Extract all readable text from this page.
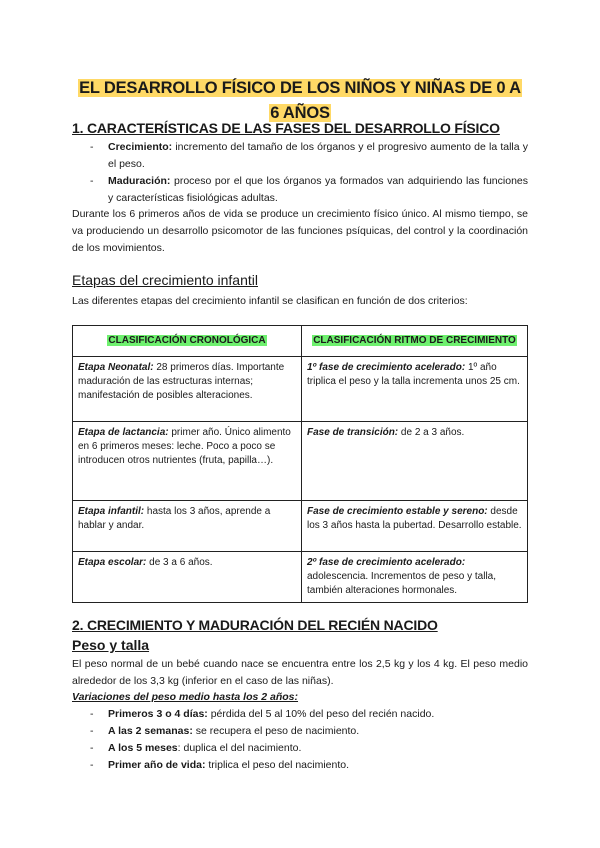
EL DESARROLLO FÍSICO DE LOS NIÑOS Y NIÑAS DE 0 A
6 AÑOS
1. CARACTERÍSTICAS DE LAS FASES DEL DESARROLLO FÍSICO
- Crecimiento: incremento del tamaño de los órganos y el progresivo aumento de la talla y el peso.
- Maduración: proceso por el que los órganos ya formados van adquiriendo las funciones y características fisiológicas adultas.
Durante los 6 primeros años de vida se produce un crecimiento físico único. Al mismo tiempo, se va produciendo un desarrollo psicomotor de las funciones psíquicas, del control y la coordinación de los movimientos.
Etapas del crecimiento infantil
Las diferentes etapas del crecimiento infantil se clasifican en función de dos criterios:
CLASIFICACIÓN CRONOLÓGICA	CLASIFICACIÓN RITMO DE CRECIMIENTO
Etapa Neonatal: 28 primeros días. Importante maduración de las estructuras internas; manifestación de posibles alteraciones.	1º fase de crecimiento acelerado: 1º año triplica el peso y la talla incrementa unos 25 cm.
Etapa de lactancia: primer año. Único alimento en 6 primeros meses: leche. Poco a poco se introducen otros nutrientes (fruta, papilla…).	Fase de transición: de 2 a 3 años.
Etapa infantil: hasta los 3 años, aprende a hablar y andar.	Fase de crecimiento estable y sereno: desde los 3 años hasta la pubertad. Desarrollo estable.
Etapa escolar: de 3 a 6 años.	2º fase de crecimiento acelerado: adolescencia. Incrementos de peso y talla, también alteraciones hormonales.
2. CRECIMIENTO Y MADURACIÓN DEL RECIÉN NACIDO
Peso y talla
El peso normal de un bebé cuando nace se encuentra entre los 2,5 kg y los 4 kg. El peso medio alrededor de los 3,3 kg (inferior en el caso de las niñas).
Variaciones del peso medio hasta los 2 años:
- Primeros 3 o 4 días: pérdida del 5 al 10% del peso del recién nacido.
- A las 2 semanas: se recupera el peso de nacimiento.
- A los 5 meses: duplica el del nacimiento.
- Primer año de vida: triplica el peso del nacimiento.
